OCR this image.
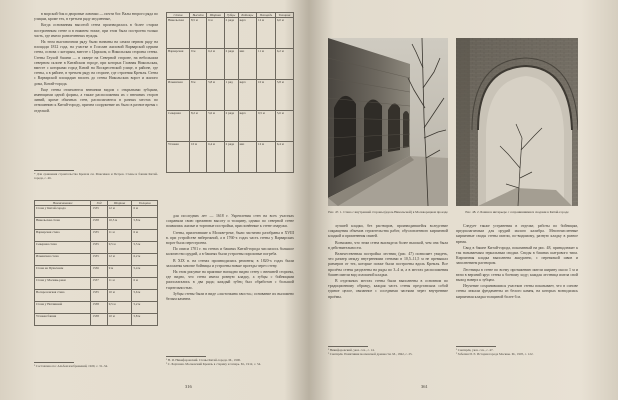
в морской бок и дворовые лавочки — почти бог. Валы второго ряда по улицам, кроме тех, в третьем ряду медленные,

Когда основанная высотой стена производилась в более старом построенным стене и в нижнем этаже, при этом была построена только часть, где имело развлеченных нужды.

На этом выставочном ряду были названы на самом первом ряду на площади 1812 года, на участке в Госплан жиловой Варварской церкви стена, основа с которым, вместе с Царском, и Никольская стороны стены. Стены Глухой башни — в сквере на Северной стороне, на небольшом северном склоне в Китайском городе, при которых Главная Никольская, вместе с которыми город Китай на Воскресенской улице, в районе, где стены, а в районе, в третьем ряду на стороне, где строения Кремля. Стена с Варварской площадью вплоть до стены Никольских ворот и жилого дома, Китай-города.

Еще стены отличаются внешним видом с открытыми зубцами, имеющими одной формы, а также расположения их с внешних сторон линий, кроме обычных стен, располагаются в разных местах по отношению к Китай-городу, причем сооружение их было в разное время с отделкой.

* Для сравнения строительства Кремля см. Максимов и Петров. Стены и башни Китай-города, с. 46.
Наименование	Год	Ширина	Толщина
Стена у Китай-города	1535	12 м	6 м
Никольская стена	1538	10,5 м	5,8 м
Варварская стена	1535	11 м	6 м
Северная стена	1535	9,5 м	5,5 м
Ильинская стена	1535	12 м	6,2 м
Стена на Пушечном	1536	9 м	5,4 м
Стена у Москвы-реки	1537	11 м	6 м
Воскресенская стена	1535	10 м	5,6 м
Стена у Неглинной	1538	9,5 м	5,2 м
Угловая башня	1538	10 м	5,8 м
¹ Составлено по: Альбом изображений, 1929, с. 31–34.
Стена	Высота	Ширина	Зубцы	Бойницы	Площадь	Толщина
Никольская	8,5 м	6 м	2 ряда	верх	12 м	6,0 м
Варварская	9 м	6,2 м	2 ряда	низ	11 м	6,2 м
Ильинская	8 м	5,8 м	1 ряд	верх	10 м	5,8 м
Северная	8,2 м	5,6 м	2 ряда	верх	9,5 м	5,6 м
Угловая	10 м	6,4 м	2 ряда	низ	12 м	6,4 м

для последних лет — 1618 г. Укрепления стен на всех участках сохраняли свою прежнюю высоту и толщину, однако по северной стене появились жилые и торговые постройки, прислонённые к стене снаружи.

Стены, прилегавшие к Москве-реке, были частично разобраны в XVIII в. при устройстве набережной, а в 1760-х годах часть стены у Варварских ворот была перестроена.

По описи 1701 г. на стенах и башнях Китай-города числилось большое количество орудий, а в башнях были устроены пороховые погреба.

В XIX в. на стенах производились ремонты; в 1820-х годах были заложены многие бойницы и устроены новые проезды через стену.

На этом рисунке на практике наглядно видно стену с внешней стороны, где видно, что стена имела ровную кладку, а зубцы с бойницами располагались в два ряда; каждый зубец был обработан с большой тщательностью.

Зубцы стены были в виде «ласточкина хвоста»; основание их выложено белым камнем.

¹ Н. Я. Никифоровский. Стены Китай-города. М., 1900.
² С. Бартенев. Московский Кремль в старину и теперь. М., 1912, с. 54.
316
Рис. 47. 1. Стена с внутренней стороны (вдоль Никольской) в Москворецком проезде	Рис. 48. 2. Башня в интерьере с сохранившимися сводами в Китай-городе

лучшей кладки, без растворов, производившейся вследствие сокращения объемов строительства работ, обусловленного кирпичной кладкой и применения связей.

Возможно, что этим стена выглядела более высокой, чем она была в действительности.

Величественная постройка лестниц (рис. 47) позволяет увидеть, что размер между внутренними стенами в 10,5–11,5 м не превышал размеров от тех, которые позже были построены вдоль Кремля. Все пролёты стены разделены на ряды по 3–4 м, а в местах расположения башен имели вид сплошной кладки.

В отдельных местах стены были выполнены в основном по традиционному образцу, каждая часть стены представляла собой единое целое, связанное с соседними частями через внутренние проёмы.

¹ Никифоровский, указ. соч., с. 14.
² Снегирёв. Памятники московской древности. М., 1842, с. 25.

Следует также устранения в отделке, работы по бойницам, предполагаемым для орудий малого калибра. Многочисленные кирпичные своды стены имели, по-видимому, разную кладку в разное время.

Свод в башне Китай-города, показанный на рис. 48, принадлежит к так называемым зеркальным сводам. Своды в башнях шатрового типа. Кирпичная кладка выполнена аккуратно, с перевязкой швов и заполнением раствором.

Лестницы в стене по всему протяжению имели ширину около 1 м и вели в верхний ярус стены к боевому ходу; каждая лестница имела свой выход наверх к зубцам.

Изучение сохранившихся участков стены показывает, что в основе стены лежали фундаменты из белого камня, на которых возводилась кирпичная кладка толщиной более 6 м.

¹ Снегирёв, указ. соч., с. 47.
² Забелин И. Е. История города Москвы. М., 1905, с. 122.
361
